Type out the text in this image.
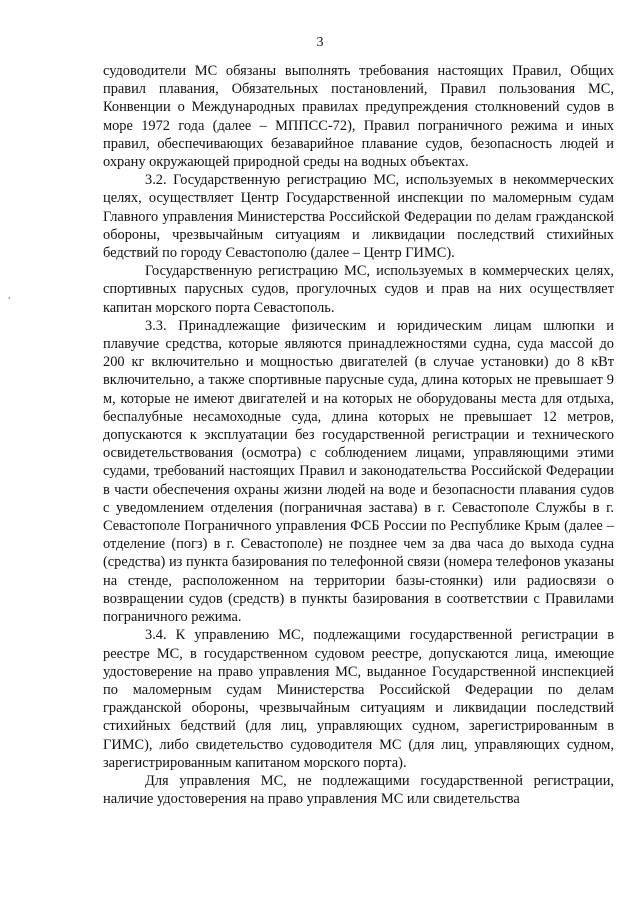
3
,

судоводители МС обязаны выполнять требования настоящих Правил, Общих правил плавания, Обязательных постановлений, Правил пользования МС, Конвенции о Международных правилах предупреждения столкновений судов в море 1972 года (далее – МППСС-72), Правил пограничного режима и иных правил, обеспечивающих безаварийное плавание судов, безопасность людей и охрану окружающей природной среды на водных объектах.

3.2. Государственную регистрацию МС, используемых в некоммерческих целях, осуществляет Центр Государственной инспекции по маломерным судам Главного управления Министерства Российской Федерации по делам гражданской обороны, чрезвычайным ситуациям и ликвидации последствий стихийных бедствий по городу Севастополю (далее – Центр ГИМС).

Государственную регистрацию МС, используемых в коммерческих целях, спортивных парусных судов, прогулочных судов и прав на них осуществляет капитан морского порта Севастополь.

3.3. Принадлежащие физическим и юридическим лицам шлюпки и плавучие средства, которые являются принадлежностями судна, суда массой до 200 кг включительно и мощностью двигателей (в случае установки) до 8 кВт включительно, а также спортивные парусные суда, длина которых не превышает 9 м, которые не имеют двигателей и на которых не оборудованы места для отдыха, беспалубные несамоходные суда, длина которых не превышает 12 метров, допускаются к эксплуатации без государственной регистрации и технического освидетельствования (осмотра) с соблюдением лицами, управляющими этими судами, требований настоящих Правил и законодательства Российской Федерации в части обеспечения охраны жизни людей на воде и безопасности плавания судов с уведомлением отделения (пограничная застава) в г. Севастополе Службы в г. Севастополе Пограничного управления ФСБ России по Республике Крым (далее – отделение (погз) в г. Севастополе) не позднее чем за два часа до выхода судна (средства) из пункта базирования по телефонной связи (номера телефонов указаны на стенде, расположенном на территории базы-стоянки) или радиосвязи о возвращении судов (средств) в пункты базирования в соответствии с Правилами пограничного режима.

3.4. К управлению МС, подлежащими государственной регистрации в реестре МС, в государственном судовом реестре, допускаются лица, имеющие удостоверение на право управления МС, выданное Государственной инспекцией по маломерным судам Министерства Российской Федерации по делам гражданской обороны, чрезвычайным ситуациям и ликвидации последствий стихийных бедствий (для лиц, управляющих судном, зарегистрированным в ГИМС), либо свидетельство судоводителя МС (для лиц, управляющих судном, зарегистрированным капитаном морского порта).

Для управления МС, не подлежащими государственной регистрации, наличие удостоверения на право управления МС или свидетельства
